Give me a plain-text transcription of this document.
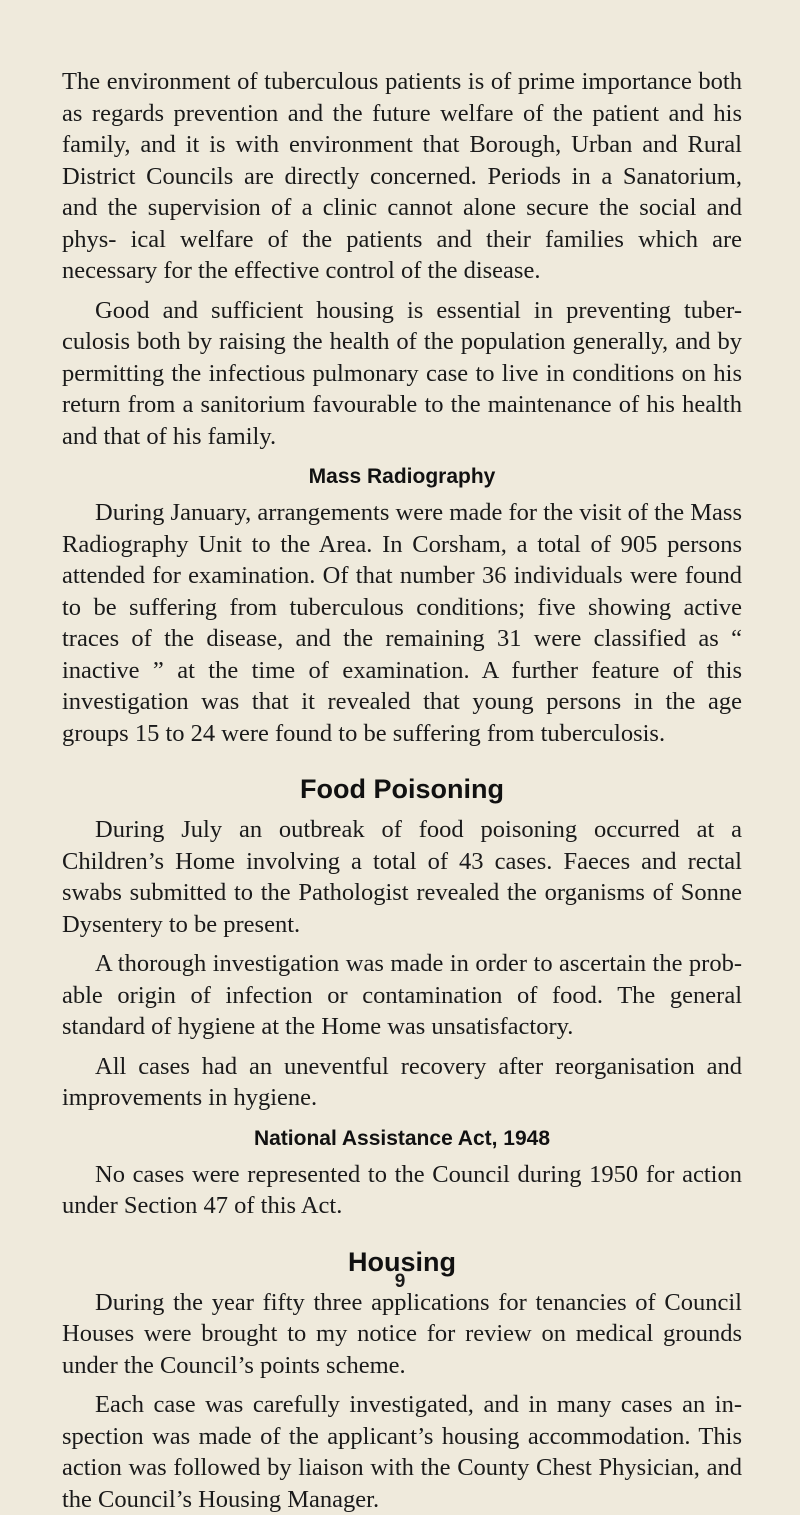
The environment of tuberculous patients is of prime importance both as regards prevention and the future welfare of the patient and his family, and it is with environment that Borough, Urban and Rural District Councils are directly concerned. Periods in a Sanatorium, and the supervision of a clinic cannot alone secure the social and phys- ical welfare of the patients and their families which are necessary for the effective control of the disease.

Good and sufficient housing is essential in preventing tuber- culosis both by raising the health of the population generally, and by permitting the infectious pulmonary case to live in conditions on his return from a sanitorium favourable to the maintenance of his health and that of his family.

Mass Radiography

During January, arrangements were made for the visit of the Mass Radiography Unit to the Area. In Corsham, a total of 905 persons attended for examination. Of that number 36 individuals were found to be suffering from tuberculous conditions; five showing active traces of the disease, and the remaining 31 were classified as “ inactive ” at the time of examination. A further feature of this investigation was that it revealed that young persons in the age groups 15 to 24 were found to be suffering from tuberculosis.

Food Poisoning

During July an outbreak of food poisoning occurred at a Children’s Home involving a total of 43 cases. Faeces and rectal swabs submitted to the Pathologist revealed the organisms of Sonne Dysentery to be present.

A thorough investigation was made in order to ascertain the prob- able origin of infection or contamination of food. The general standard of hygiene at the Home was unsatisfactory.

All cases had an uneventful recovery after reorganisation and improvements in hygiene.

National Assistance Act, 1948

No cases were represented to the Council during 1950 for action under Section 47 of this Act.

Housing

During the year fifty three applications for tenancies of Council Houses were brought to my notice for review on medical grounds under the Council’s points scheme.

Each case was carefully investigated, and in many cases an in- spection was made of the applicant’s housing accommodation. This action was followed by liaison with the County Chest Physician, and the Council’s Housing Manager.

9
